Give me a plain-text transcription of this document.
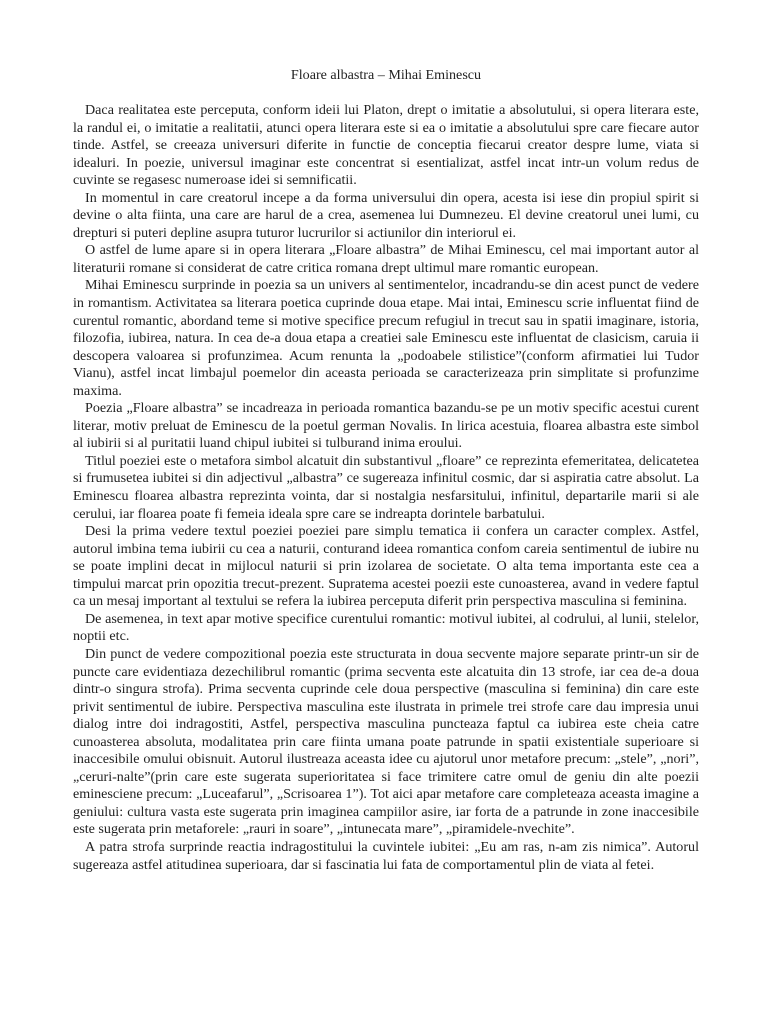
Floare albastra – Mihai Eminescu

Daca realitatea este perceputa, conform ideii lui Platon, drept o imitatie a absolutului, si opera literara este, la randul ei, o imitatie a realitatii, atunci opera literara este si ea o imitatie a absolutului spre care fiecare autor tinde. Astfel, se creeaza universuri diferite in functie de conceptia fiecarui creator despre lume, viata si idealuri. In poezie, universul imaginar este concentrat si esentializat, astfel incat intr-un volum redus de cuvinte se regasesc numeroase idei si semnificatii.

In momentul in care creatorul incepe a da forma universului din opera, acesta isi iese din propiul spirit si devine o alta fiinta, una care are harul de a crea, asemenea lui Dumnezeu. El devine creatorul unei lumi, cu drepturi si puteri depline asupra tuturor lucrurilor si actiunilor din interiorul ei.

O astfel de lume apare si in opera literara „Floare albastra” de Mihai Eminescu, cel mai important autor al literaturii romane si considerat de catre critica romana drept ultimul mare romantic european.

Mihai Eminescu surprinde in poezia sa un univers al sentimentelor, incadrandu-se din acest punct de vedere in romantism. Activitatea sa literara poetica cuprinde doua etape. Mai intai, Eminescu scrie influentat fiind de curentul romantic, abordand teme si motive specifice precum refugiul in trecut sau in spatii imaginare, istoria, filozofia, iubirea, natura. In cea de-a doua etapa a creatiei sale Eminescu este influentat de clasicism, caruia ii descopera valoarea si profunzimea. Acum renunta la „podoabele stilistice”(conform afirmatiei lui Tudor Vianu), astfel incat limbajul poemelor din aceasta perioada se caracterizeaza prin simplitate si profunzime maxima.

Poezia „Floare albastra” se incadreaza in perioada romantica bazandu-se pe un motiv specific acestui curent literar, motiv preluat de Eminescu de la poetul german Novalis. In lirica acestuia, floarea albastra este simbol al iubirii si al puritatii luand chipul iubitei si tulburand inima eroului.

Titlul poeziei este o metafora simbol alcatuit din substantivul „floare” ce reprezinta efemeritatea, delicatetea si frumusetea iubitei si din adjectivul „albastra” ce sugereaza infinitul cosmic, dar si aspiratia catre absolut. La Eminescu floarea albastra reprezinta vointa, dar si nostalgia nesfarsitului, infinitul, departarile marii si ale cerului, iar floarea poate fi femeia ideala spre care se indreapta dorintele barbatului.

Desi la prima vedere textul poeziei poeziei pare simplu tematica ii confera un caracter complex. Astfel, autorul imbina tema iubirii cu cea a naturii, conturand ideea romantica confom careia sentimentul de iubire nu se poate implini decat in mijlocul naturii si prin izolarea de societate. O alta tema importanta este cea a timpului marcat prin opozitia trecut-prezent. Supratema acestei poezii este cunoasterea, avand in vedere faptul ca un mesaj important al textului se refera la iubirea perceputa diferit prin perspectiva masculina si feminina.

De asemenea, in text apar motive specifice curentului romantic: motivul iubitei, al codrului, al lunii, stelelor, noptii etc.

Din punct de vedere compozitional poezia este structurata in doua secvente majore separate printr-un sir de puncte care evidentiaza dezechilibrul romantic (prima secventa este alcatuita din 13 strofe, iar cea de-a doua dintr-o singura strofa). Prima secventa cuprinde cele doua perspective (masculina si feminina) din care este privit sentimentul de iubire. Perspectiva masculina este ilustrata in primele trei strofe care dau impresia unui dialog intre doi indragostiti, Astfel, perspectiva masculina puncteaza faptul ca iubirea este cheia catre cunoasterea absoluta, modalitatea prin care fiinta umana poate patrunde in spatii existentiale superioare si inaccesibile omului obisnuit. Autorul ilustreaza aceasta idee cu ajutorul unor metafore precum: „stele”, „nori”, „ceruri-nalte”(prin care este sugerata superioritatea si face trimitere catre omul de geniu din alte poezii eminesciene precum: „Luceafarul”, „Scrisoarea 1”). Tot aici apar metafore care completeaza aceasta imagine a geniului: cultura vasta este sugerata prin imaginea campiilor asire, iar forta de a patrunde in zone inaccesibile este sugerata prin metaforele: „rauri in soare”, „intunecata mare”, „piramidele-nvechite”.

A patra strofa surprinde reactia indragostitului la cuvintele iubitei: „Eu am ras, n-am zis nimica”. Autorul sugereaza astfel atitudinea superioara, dar si fascinatia lui fata de comportamentul plin de viata al fetei.
